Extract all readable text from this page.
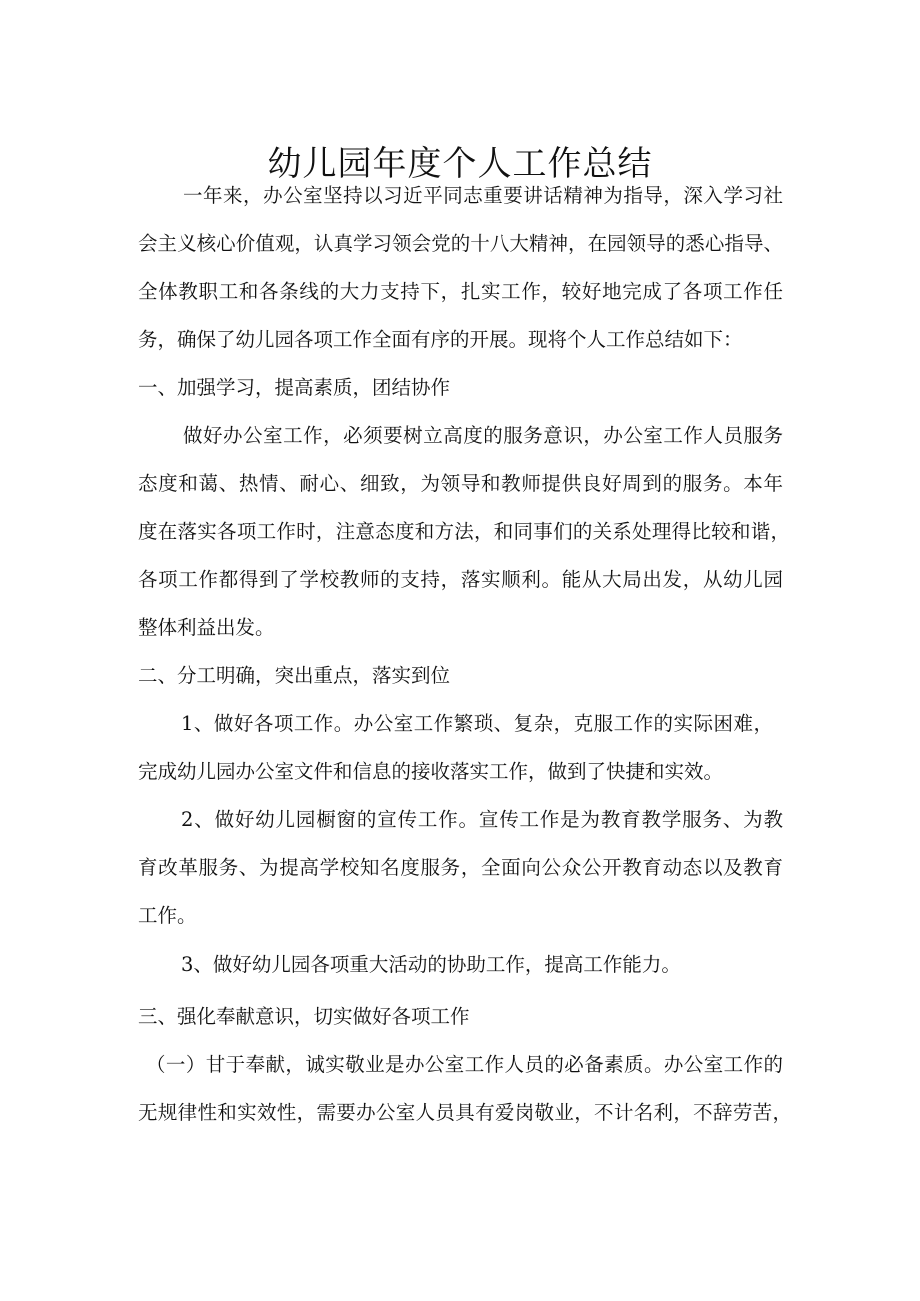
幼儿园年度个人工作总结
一年来，办公室坚持以习近平同志重要讲话精神为指导，深入学习社
会主义核心价值观，认真学习领会党的十八大精神，在园领导的悉心指导、
全体教职工和各条线的大力支持下，扎实工作，较好地完成了各项工作任
务，确保了幼儿园各项工作全面有序的开展。现将个人工作总结如下：
一、加强学习，提高素质，团结协作
做好办公室工作，必须要树立高度的服务意识，办公室工作人员服务
态度和蔼、热情、耐心、细致，为领导和教师提供良好周到的服务。本年
度在落实各项工作时，注意态度和方法，和同事们的关系处理得比较和谐，
各项工作都得到了学校教师的支持，落实顺利。能从大局出发，从幼儿园
整体利益出发。
二、分工明确，突出重点，落实到位
1、做好各项工作。办公室工作繁琐、复杂，克服工作的实际困难，
完成幼儿园办公室文件和信息的接收落实工作，做到了快捷和实效。
2、做好幼儿园橱窗的宣传工作。宣传工作是为教育教学服务、为教
育改革服务、为提高学校知名度服务，全面向公众公开教育动态以及教育
工作。
3、做好幼儿园各项重大活动的协助工作，提高工作能力。
三、强化奉献意识，切实做好各项工作
（一）甘于奉献，诚实敬业是办公室工作人员的必备素质。办公室工作的
无规律性和实效性，需要办公室人员具有爱岗敬业，不计名利，不辞劳苦，
